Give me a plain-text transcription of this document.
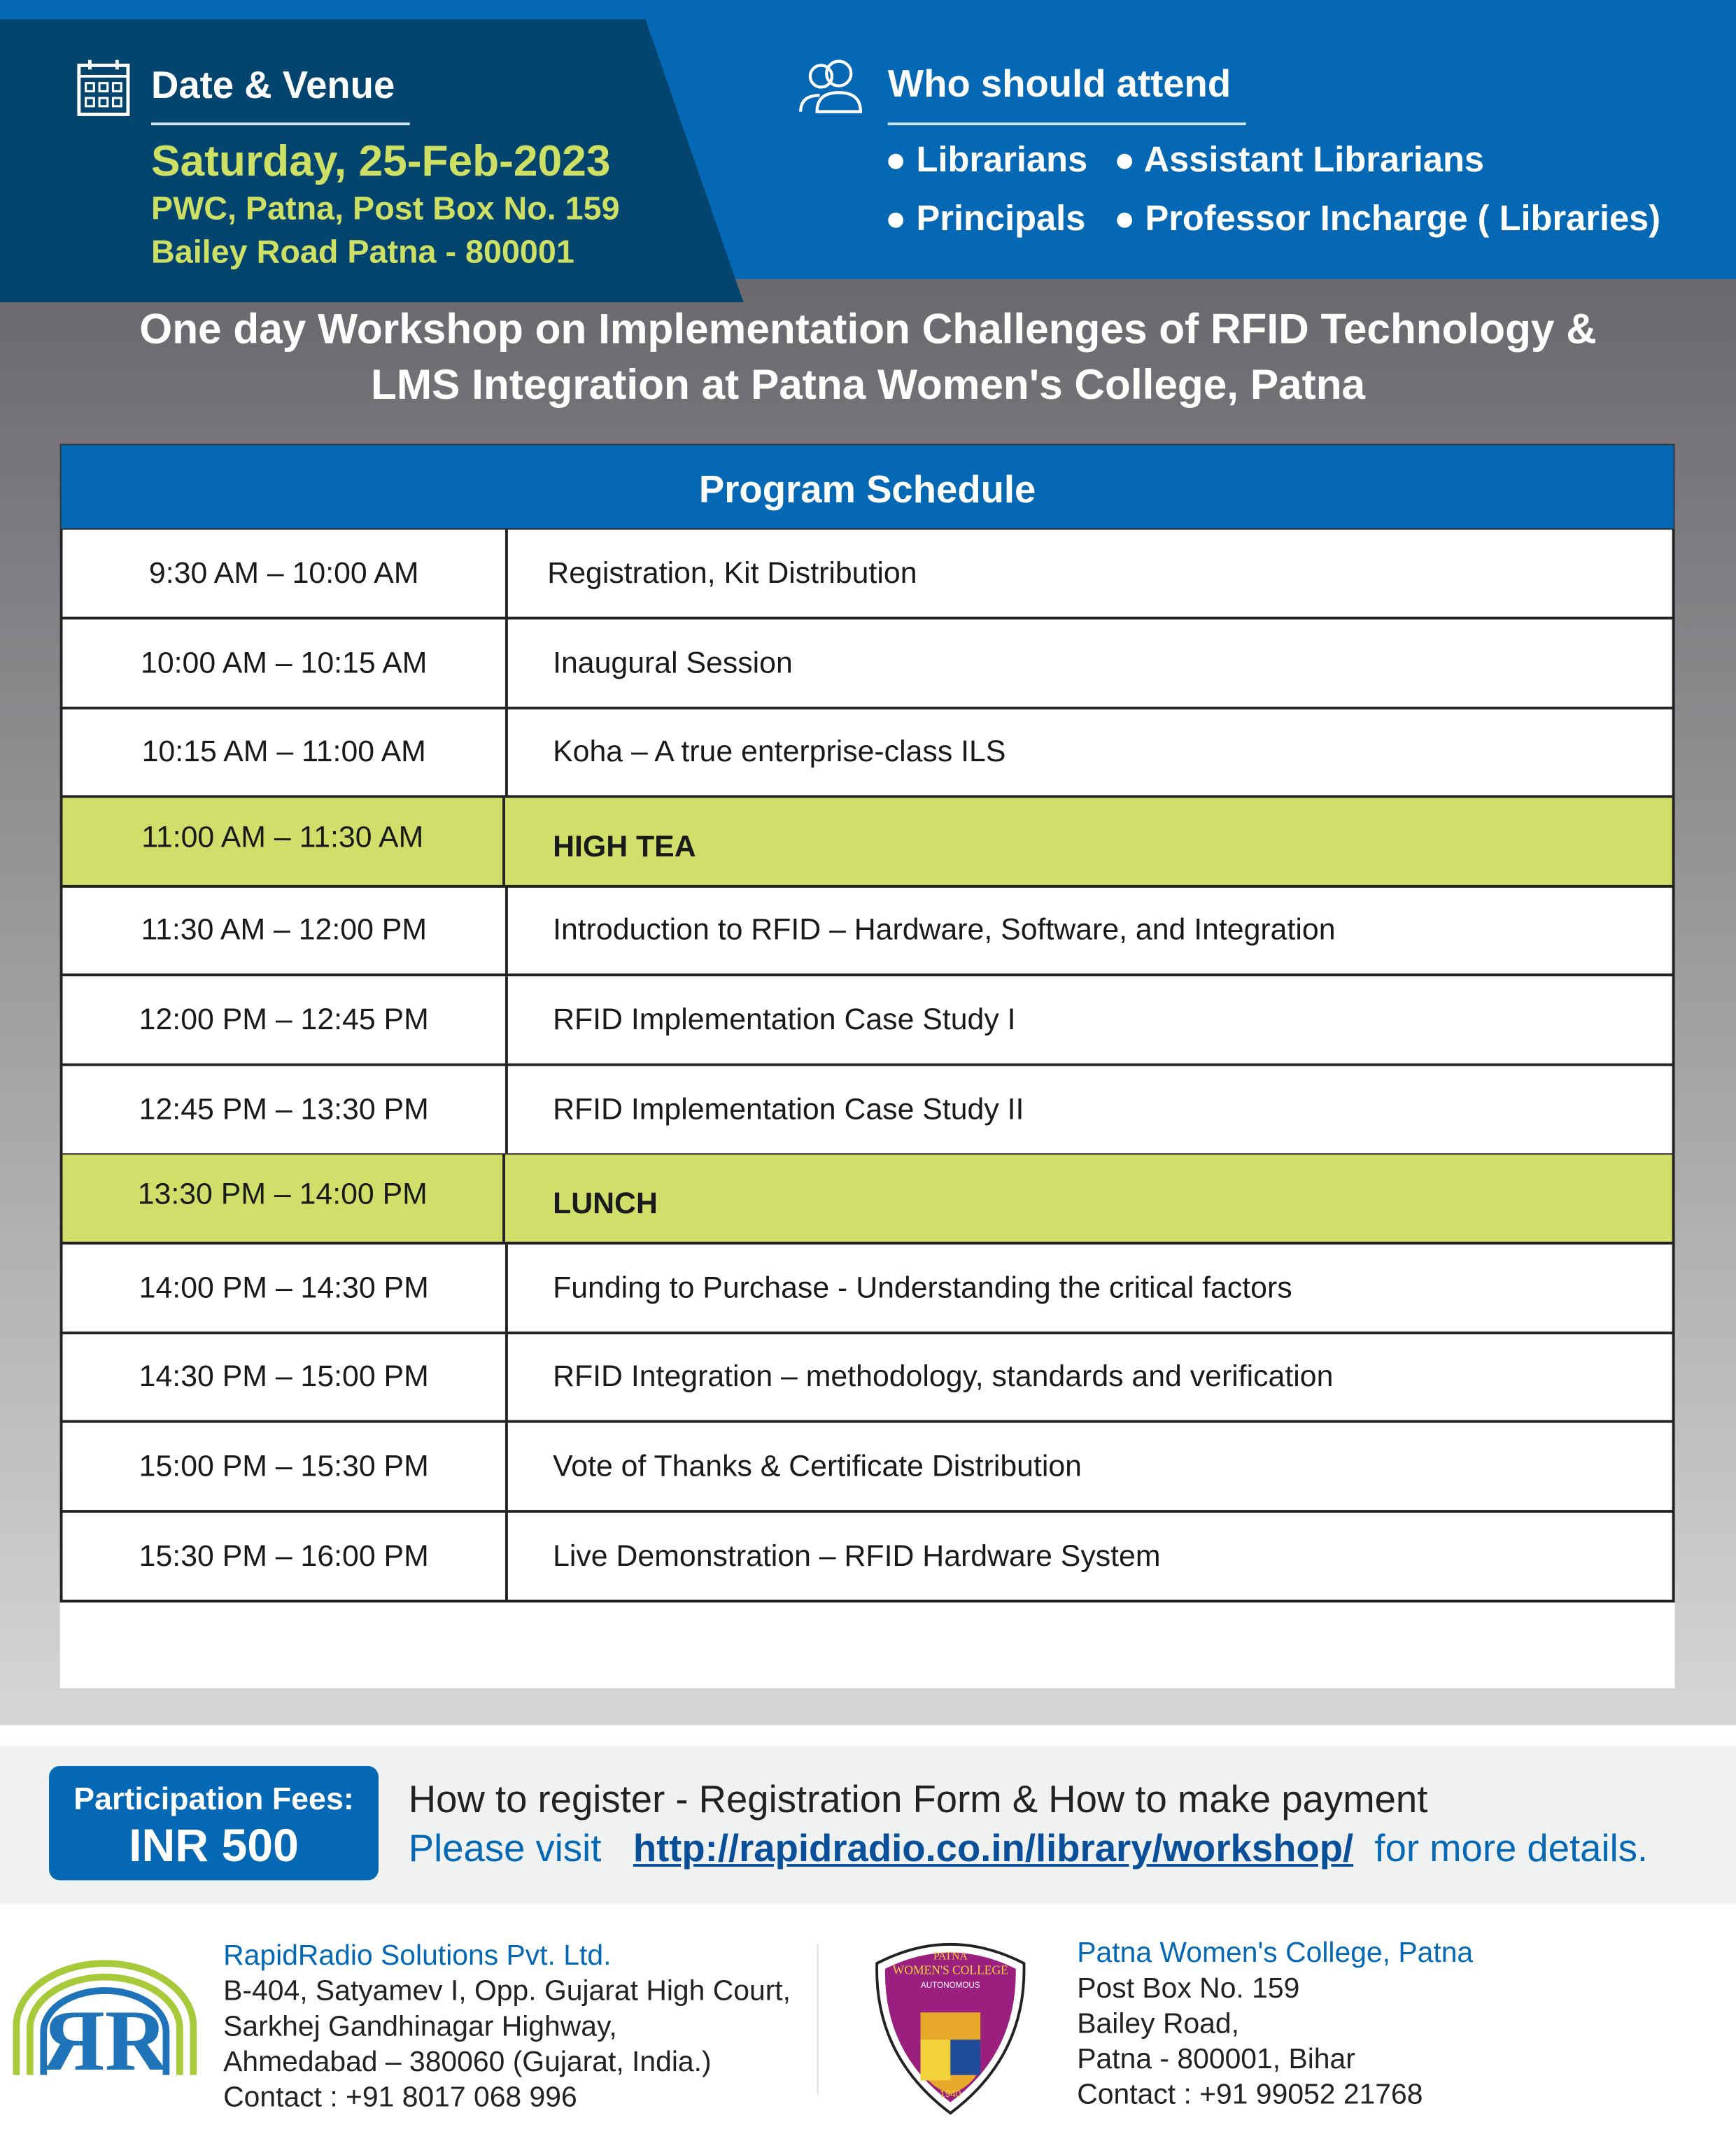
Date & Venue
Saturday, 25-Feb-2023
PWC, Patna, Post Box No. 159
Bailey Road Patna - 800001
Who should attend
● Librarians ● Assistant Librarians
● Principals ● Professor Incharge ( Libraries)
One day Workshop on Implementation Challenges of RFID Technology &
LMS Integration at Patna Women's College, Patna
Program Schedule
9:30 AM – 10:00 AM	Registration, Kit Distribution
10:00 AM – 10:15 AM	Inaugural Session
10:15 AM – 11:00 AM	Koha – A true enterprise-class ILS
11:00 AM – 11:30 AM	HIGH TEA
11:30 AM – 12:00 PM	Introduction to RFID – Hardware, Software, and Integration
12:00 PM – 12:45 PM	RFID Implementation Case Study I
12:45 PM – 13:30 PM	RFID Implementation Case Study II
13:30 PM – 14:00 PM	LUNCH
14:00 PM – 14:30 PM	Funding to Purchase - Understanding the critical factors
14:30 PM – 15:00 PM	RFID Integration – methodology, standards and verification
15:00 PM – 15:30 PM	Vote of Thanks & Certificate Distribution
15:30 PM – 16:00 PM	Live Demonstration – RFID Hardware System
Participation Fees:
INR 500
How to register - Registration Form & How to make payment
Please visit http://rapidradio.co.in/library/workshop/ for more details.
ЯR
RapidRadio Solutions Pvt. Ltd.
B-404, Satyamev I, Opp. Gujarat High Court,
Sarkhej Gandhinagar Highway,
Ahmedabad – 380060 (Gujarat, India.)
Contact : +91 8017 068 996
PATNA
WOMEN'S COLLEGE
AUTONOMOUS
1940
Patna Women's College, Patna
Post Box No. 159
Bailey Road,
Patna - 800001, Bihar
Contact : +91 99052 21768
